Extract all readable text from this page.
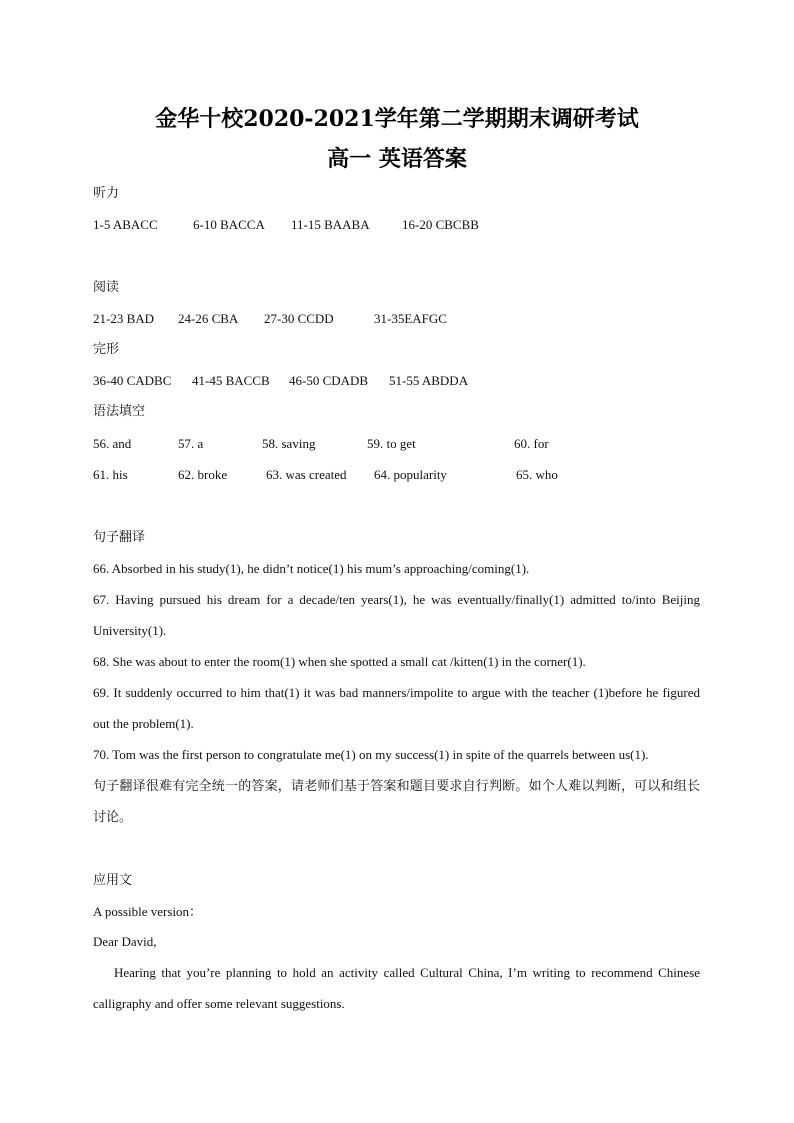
金华十校2020-2021学年第二学期期末调研考试
高一 英语答案
听力
1-5 ABACC	6-10 BACCA 11-15 BAABA 16-20 CBCBB
阅读
21-23 BAD 24-26 CBA 27-30 CCDD	31-35EAFGC
完形
36-40 CADBC 41-45 BACCB 46-50 CDADB 51-55 ABDDA
语法填空
56. and	57. a	58. saving	59. to get	60. for
61. his	62. broke	63. was created 64. popularity	65. who
句子翻译
66. Absorbed in his study(1), he didn’t notice(1) his mum’s approaching/coming(1).
67. Having pursued his dream for a decade/ten years(1), he was eventually/finally(1) admitted to/into Beijing University(1).
68. She was about to enter the room(1) when she spotted a small cat /kitten(1) in the corner(1).
69. It suddenly occurred to him that(1) it was bad manners/impolite to argue with the teacher (1)before he figured out the problem(1).
70. Tom was the first person to congratulate me(1) on my success(1) in spite of the quarrels between us(1).
句子翻译很难有完全统一的答案，请老师们基于答案和题目要求自行判断。如个人难以判断，可以和组长讨论。
应用文
A possible version：
Dear David,
Hearing that you’re planning to hold an activity called Cultural China, I’m writing to recommend Chinese calligraphy and offer some relevant suggestions.
